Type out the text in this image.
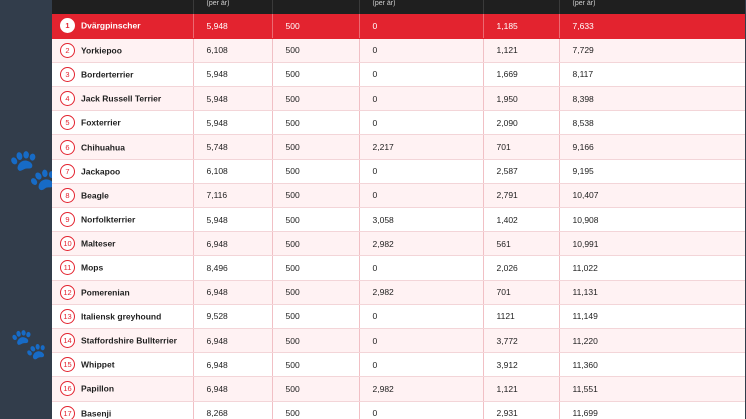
🐾
🐾
🐾
	(per år)		(per år)		(per år)
1 Dvärgpinscher	5,948	500	0	1,185	7,633
2 Yorkiepoo	6,108	500	0	1,121	7,729
3 Borderterrier	5,948	500	0	1,669	8,117
4 Jack Russell Terrier	5,948	500	0	1,950	8,398
5 Foxterrier	5,948	500	0	2,090	8,538
6 Chihuahua	5,748	500	2,217	701	9,166
7 Jackapoo	6,108	500	0	2,587	9,195
8 Beagle	7,116	500	0	2,791	10,407
9 Norfolkterrier	5,948	500	3,058	1,402	10,908
10 Malteser	6,948	500	2,982	561	10,991
11 Mops	8,496	500	0	2,026	11,022
12 Pomerenian	6,948	500	2,982	701	11,131
13 Italiensk greyhound	9,528	500	0	1121	11,149
14 Staffordshire Bullterrier	6,948	500	0	3,772	11,220
15 Whippet	6,948	500	0	3,912	11,360
16 Papillon	6,948	500	2,982	1,121	11,551
17 Basenji	8,268	500	0	2,931	11,699
